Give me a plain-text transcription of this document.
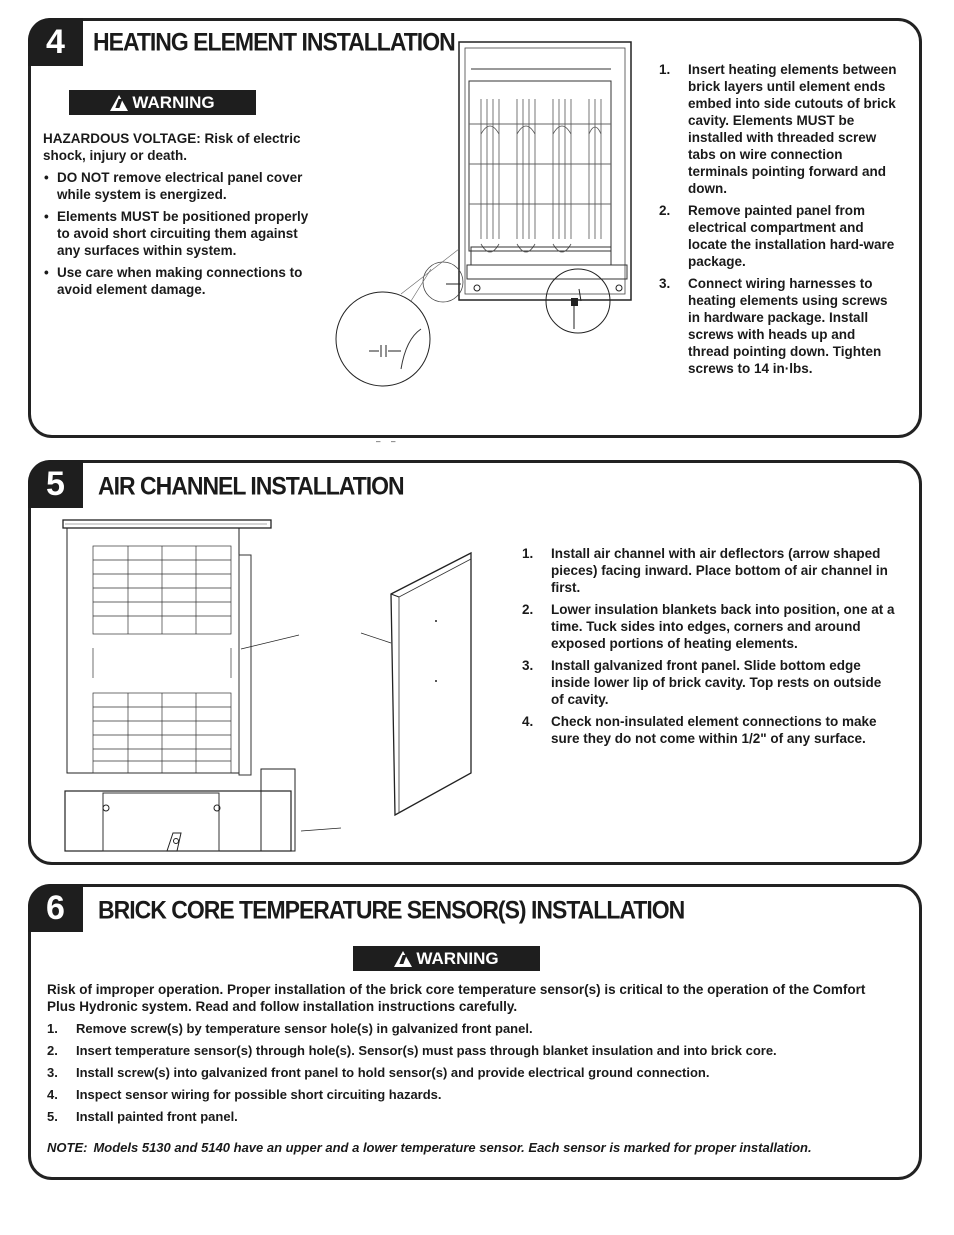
4	HEATING ELEMENT INSTALLATION
WARNING
HAZARDOUS VOLTAGE: Risk of electric shock, injury or death.
• DO NOT remove electrical panel cover while system is energized.
• Elements MUST be positioned properly to avoid short circuiting them against any surfaces within system.
• Use care when making connections to avoid element damage.
– –
1. Insert heating elements between brick layers until element ends embed into side cutouts of brick cavity. Elements MUST be installed with threaded screw tabs on wire connection terminals pointing forward and down.
2. Remove painted panel from electrical compartment and locate the installation hard-ware package.
3. Connect wiring harnesses to heating elements using screws in hardware package. Install screws with heads up and thread pointing down. Tighten screws to 14 in·lbs.
5	AIR CHANNEL INSTALLATION
1. Install air channel with air deflectors (arrow shaped pieces) facing inward. Place bottom of air channel in first.
2. Lower insulation blankets back into position, one at a time. Tuck sides into edges, corners and around exposed portions of heating elements.
3. Install galvanized front panel. Slide bottom edge inside lower lip of brick cavity. Top rests on outside of cavity.
4. Check non-insulated element connections to make sure they do not come within 1/2" of any surface.
6	BRICK CORE TEMPERATURE SENSOR(S) INSTALLATION
WARNING
Risk of improper operation. Proper installation of the brick core temperature sensor(s) is critical to the operation of the Comfort Plus Hydronic system. Read and follow installation instructions carefully.
1. Remove screw(s) by temperature sensor hole(s) in galvanized front panel.
2. Insert temperature sensor(s) through hole(s). Sensor(s) must pass through blanket insulation and into brick core.
3. Install screw(s) into galvanized front panel to hold sensor(s) and provide electrical ground connection.
4. Inspect sensor wiring for possible short circuiting hazards.
5. Install painted front panel.
NOTE: Models 5130 and 5140 have an upper and a lower temperature sensor. Each sensor is marked for proper installation.
